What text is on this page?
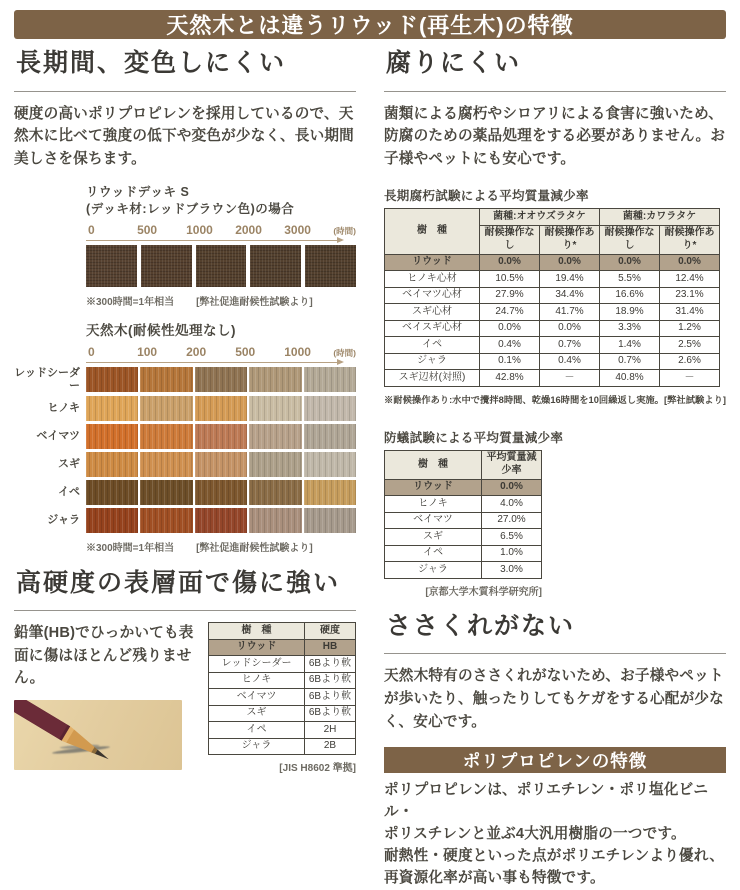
天然木とは違うリウッド(再生木)の特徴
長期間、変色しにくい

硬度の高いポリプロピレンを採用しているので、天然木に比べて強度の低下や変色が少なく、長い期間美しさを保ちます。

リウッドデッキ S
(デッキ材:レッドブラウン色)の場合
0	500	1000	2000	3000	(時間)
※300時間=1年相当 [弊社促進耐候性試験より]
天然木(耐候性処理なし)
0	100	200	500	1000	(時間)
レッドシーダー
ヒノキ
ベイマツ
スギ
イペ
ジャラ
※300時間=1年相当 [弊社促進耐候性試験より]
高硬度の表層面で傷に強い

鉛筆(HB)でひっかいても表面に傷はほとんど残りません。

樹　種	硬度
リウッド	HB
レッドシーダー	6Bより軟
ヒノキ	6Bより軟
ベイマツ	6Bより軟
スギ	6Bより軟
イペ	2H
ジャラ	2B
[JIS H8602 準拠]
腐りにくい

菌類による腐朽やシロアリによる食害に強いため、防腐のための薬品処理をする必要がありません。お子様やペットにも安心です。

長期腐朽試験による平均質量減少率
樹　種	菌種:オオウズラタケ		菌種:カワラタケ	
	耐候操作なし	耐候操作あり*	耐候操作なし	耐候操作あり*
リウッド	0.0%	0.0%	0.0%	0.0%
ヒノキ心材	10.5%	19.4%	5.5%	12.4%
ベイマツ心材	27.9%	34.4%	16.6%	23.1%
スギ心材	24.7%	41.7%	18.9%	31.4%
ベイスギ心材	0.0%	0.0%	3.3%	1.2%
イペ	0.4%	0.7%	1.4%	2.5%
ジャラ	0.1%	0.4%	0.7%	2.6%
スギ辺材(対照)	42.8%	－	40.8%	－
※耐候操作あり:水中で攪拌8時間、乾燥16時間を10回繰返し実施。 [弊社試験より]
防蟻試験による平均質量減少率
樹　種	平均質量減少率
リウッド	0.0%
ヒノキ	4.0%
ベイマツ	27.0%
スギ	6.5%
イペ	1.0%
ジャラ	3.0%
[京都大学木質科学研究所]
ささくれがない

天然木特有のささくれがないため、お子様やペットが歩いたり、触ったりしてもケガをする心配が少なく、安心です。

ポリプロピレンの特徴
ポリプロピレンは、ポリエチレン・ポリ塩化ビニル・
ポリスチレンと並ぶ4大汎用樹脂の一つです。
耐熱性・硬度といった点がポリエチレンより優れ、
再資源化率が高い事も特徴です。
